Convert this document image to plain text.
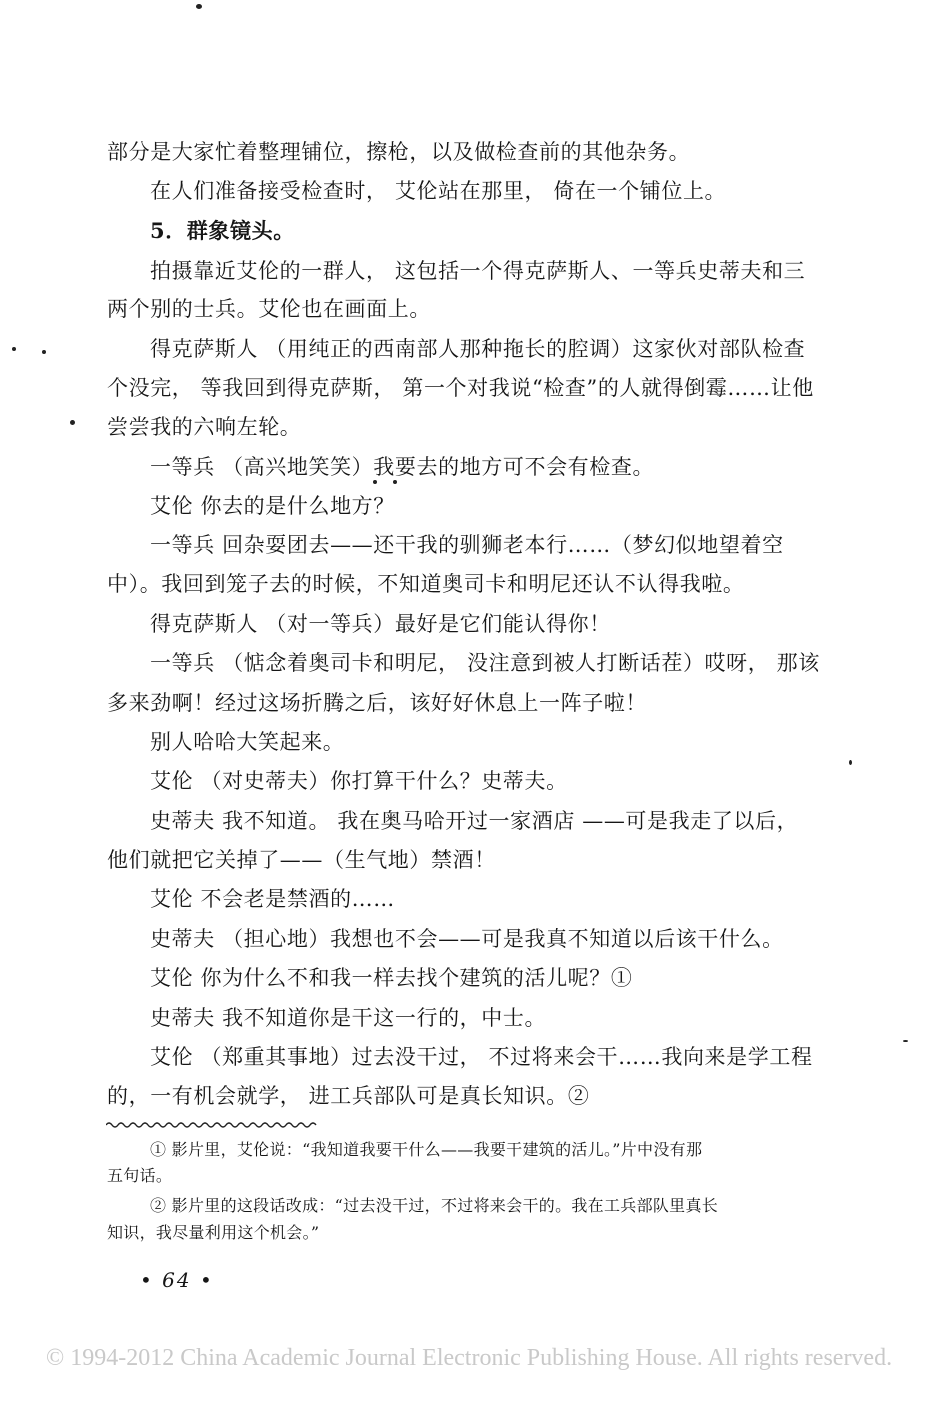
部分是大家忙着整理铺位，擦枪，以及做检查前的其他杂务。
在人们准备接受检查时， 艾伦站在那里， 倚在一个铺位上。
5．群象镜头。
拍摄靠近艾伦的一群人， 这包括一个得克萨斯人、一等兵史蒂夫和三
两个别的士兵。艾伦也在画面上。
得克萨斯人 （用纯正的西南部人那种拖长的腔调）这家伙对部队检查
个没完， 等我回到得克萨斯， 第一个对我说“检查”的人就得倒霉……让他
尝尝我的六响左轮。
一等兵 （高兴地笑笑）我要去的地方可不会有检查。
艾伦 你去的是什么地方？
一等兵 回杂耍团去——还干我的驯狮老本行……（梦幻似地望着空
中）。我回到笼子去的时候，不知道奥司卡和明尼还认不认得我啦。
得克萨斯人 （对一等兵）最好是它们能认得你！
一等兵 （惦念着奥司卡和明尼， 没注意到被人打断话茬）哎呀， 那该
多来劲啊！经过这场折腾之后，该好好休息上一阵子啦！
别人哈哈大笑起来。
艾伦 （对史蒂夫）你打算干什么？史蒂夫。
史蒂夫 我不知道。 我在奥马哈开过一家酒店 ——可是我走了以后，
他们就把它关掉了——（生气地）禁酒！
艾伦 不会老是禁酒的……
史蒂夫 （担心地）我想也不会——可是我真不知道以后该干什么。
艾伦 你为什么不和我一样去找个建筑的活儿呢？①
史蒂夫 我不知道你是干这一行的，中士。
艾伦 （郑重其事地）过去没干过， 不过将来会干……我向来是学工程
的，一有机会就学， 进工兵部队可是真长知识。②
① 影片里，艾伦说：“我知道我要干什么——我要干建筑的活儿。”片中没有那
五句话。
② 影片里的这段话改成：“过去没干过，不过将来会干的。我在工兵部队里真长
知识，我尽量利用这个机会。”
• 64 •
© 1994-2012 China Academic Journal Electronic Publishing House. All rights reserved.
